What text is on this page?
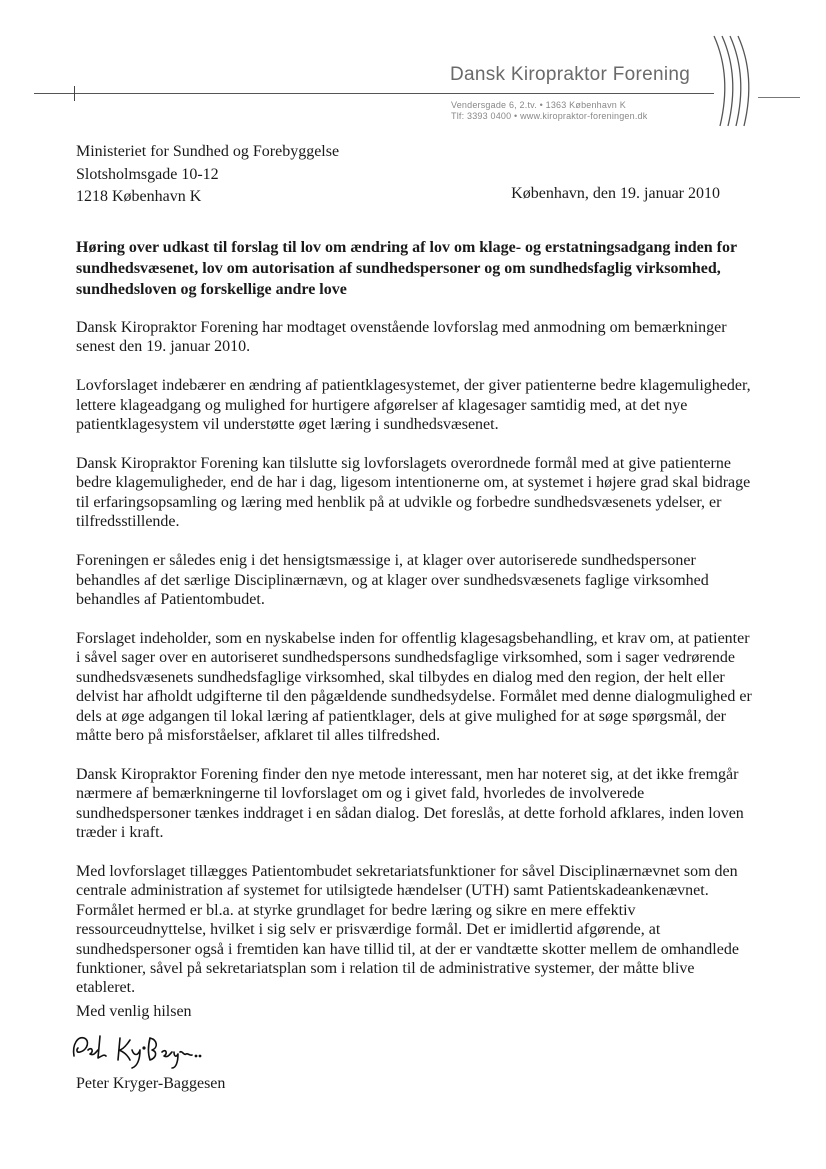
Dansk Kiropraktor Forening
Vendersgade 6, 2.tv. • 1363 København K
Tlf: 3393 0400 • www.kiropraktor-foreningen.dk
Ministeriet for Sundhed og Forebyggelse
Slotsholmsgade 10-12
1218 København K	København, den 19. januar 2010
Høring over udkast til forslag til lov om ændring af lov om klage- og erstatningsadgang inden for sundhedsvæsenet, lov om autorisation af sundhedspersoner og om sundhedsfaglig virksomhed, sundhedsloven og forskellige andre love

Dansk Kiropraktor Forening har modtaget ovenstående lovforslag med anmodning om bemærkninger senest den 19. januar 2010.

Lovforslaget indebærer en ændring af patientklagesystemet, der giver patienterne bedre klagemuligheder, lettere klageadgang og mulighed for hurtigere afgørelser af klagesager samtidig med, at det nye patientklagesystem vil understøtte øget læring i sundhedsvæsenet.

Dansk Kiropraktor Forening kan tilslutte sig lovforslagets overordnede formål med at give patienterne bedre klagemuligheder, end de har i dag, ligesom intentionerne om, at systemet i højere grad skal bidrage til erfaringsopsamling og læring med henblik på at udvikle og forbedre sundhedsvæsenets ydelser, er tilfredsstillende.

Foreningen er således enig i det hensigtsmæssige i, at klager over autoriserede sundhedspersoner behandles af det særlige Disciplinærnævn, og at klager over sundhedsvæsenets faglige virksomhed behandles af Patientombudet.

Forslaget indeholder, som en nyskabelse inden for offentlig klagesagsbehandling, et krav om, at patienter i såvel sager over en autoriseret sundhedspersons sundhedsfaglige virksomhed, som i sager vedrørende sundhedsvæsenets sundhedsfaglige virksomhed, skal tilbydes en dialog med den region, der helt eller delvist har afholdt udgifterne til den pågældende sundhedsydelse. Formålet med denne dialogmulighed er dels at øge adgangen til lokal læring af patientklager, dels at give mulighed for at søge spørgsmål, der måtte bero på misforståelser, afklaret til alles tilfredshed.

Dansk Kiropraktor Forening finder den nye metode interessant, men har noteret sig, at det ikke fremgår nærmere af bemærkningerne til lovforslaget om og i givet fald, hvorledes de involverede sundhedspersoner tænkes inddraget i en sådan dialog. Det foreslås, at dette forhold afklares, inden loven træder i kraft.

Med lovforslaget tillægges Patientombudet sekretariatsfunktioner for såvel Disciplinærnævnet som den centrale administration af systemet for utilsigtede hændelser (UTH) samt Patientskadeankenævnet. Formålet hermed er bl.a. at styrke grundlaget for bedre læring og sikre en mere effektiv ressourceudnyttelse, hvilket i sig selv er prisværdige formål. Det er imidlertid afgørende, at sundhedspersoner også i fremtiden kan have tillid til, at der er vandtætte skotter mellem de omhandlede funktioner, såvel på sekretariatsplan som i relation til de administrative systemer, der måtte blive etableret.

Med venlig hilsen
Peter Kryger-Baggesen
